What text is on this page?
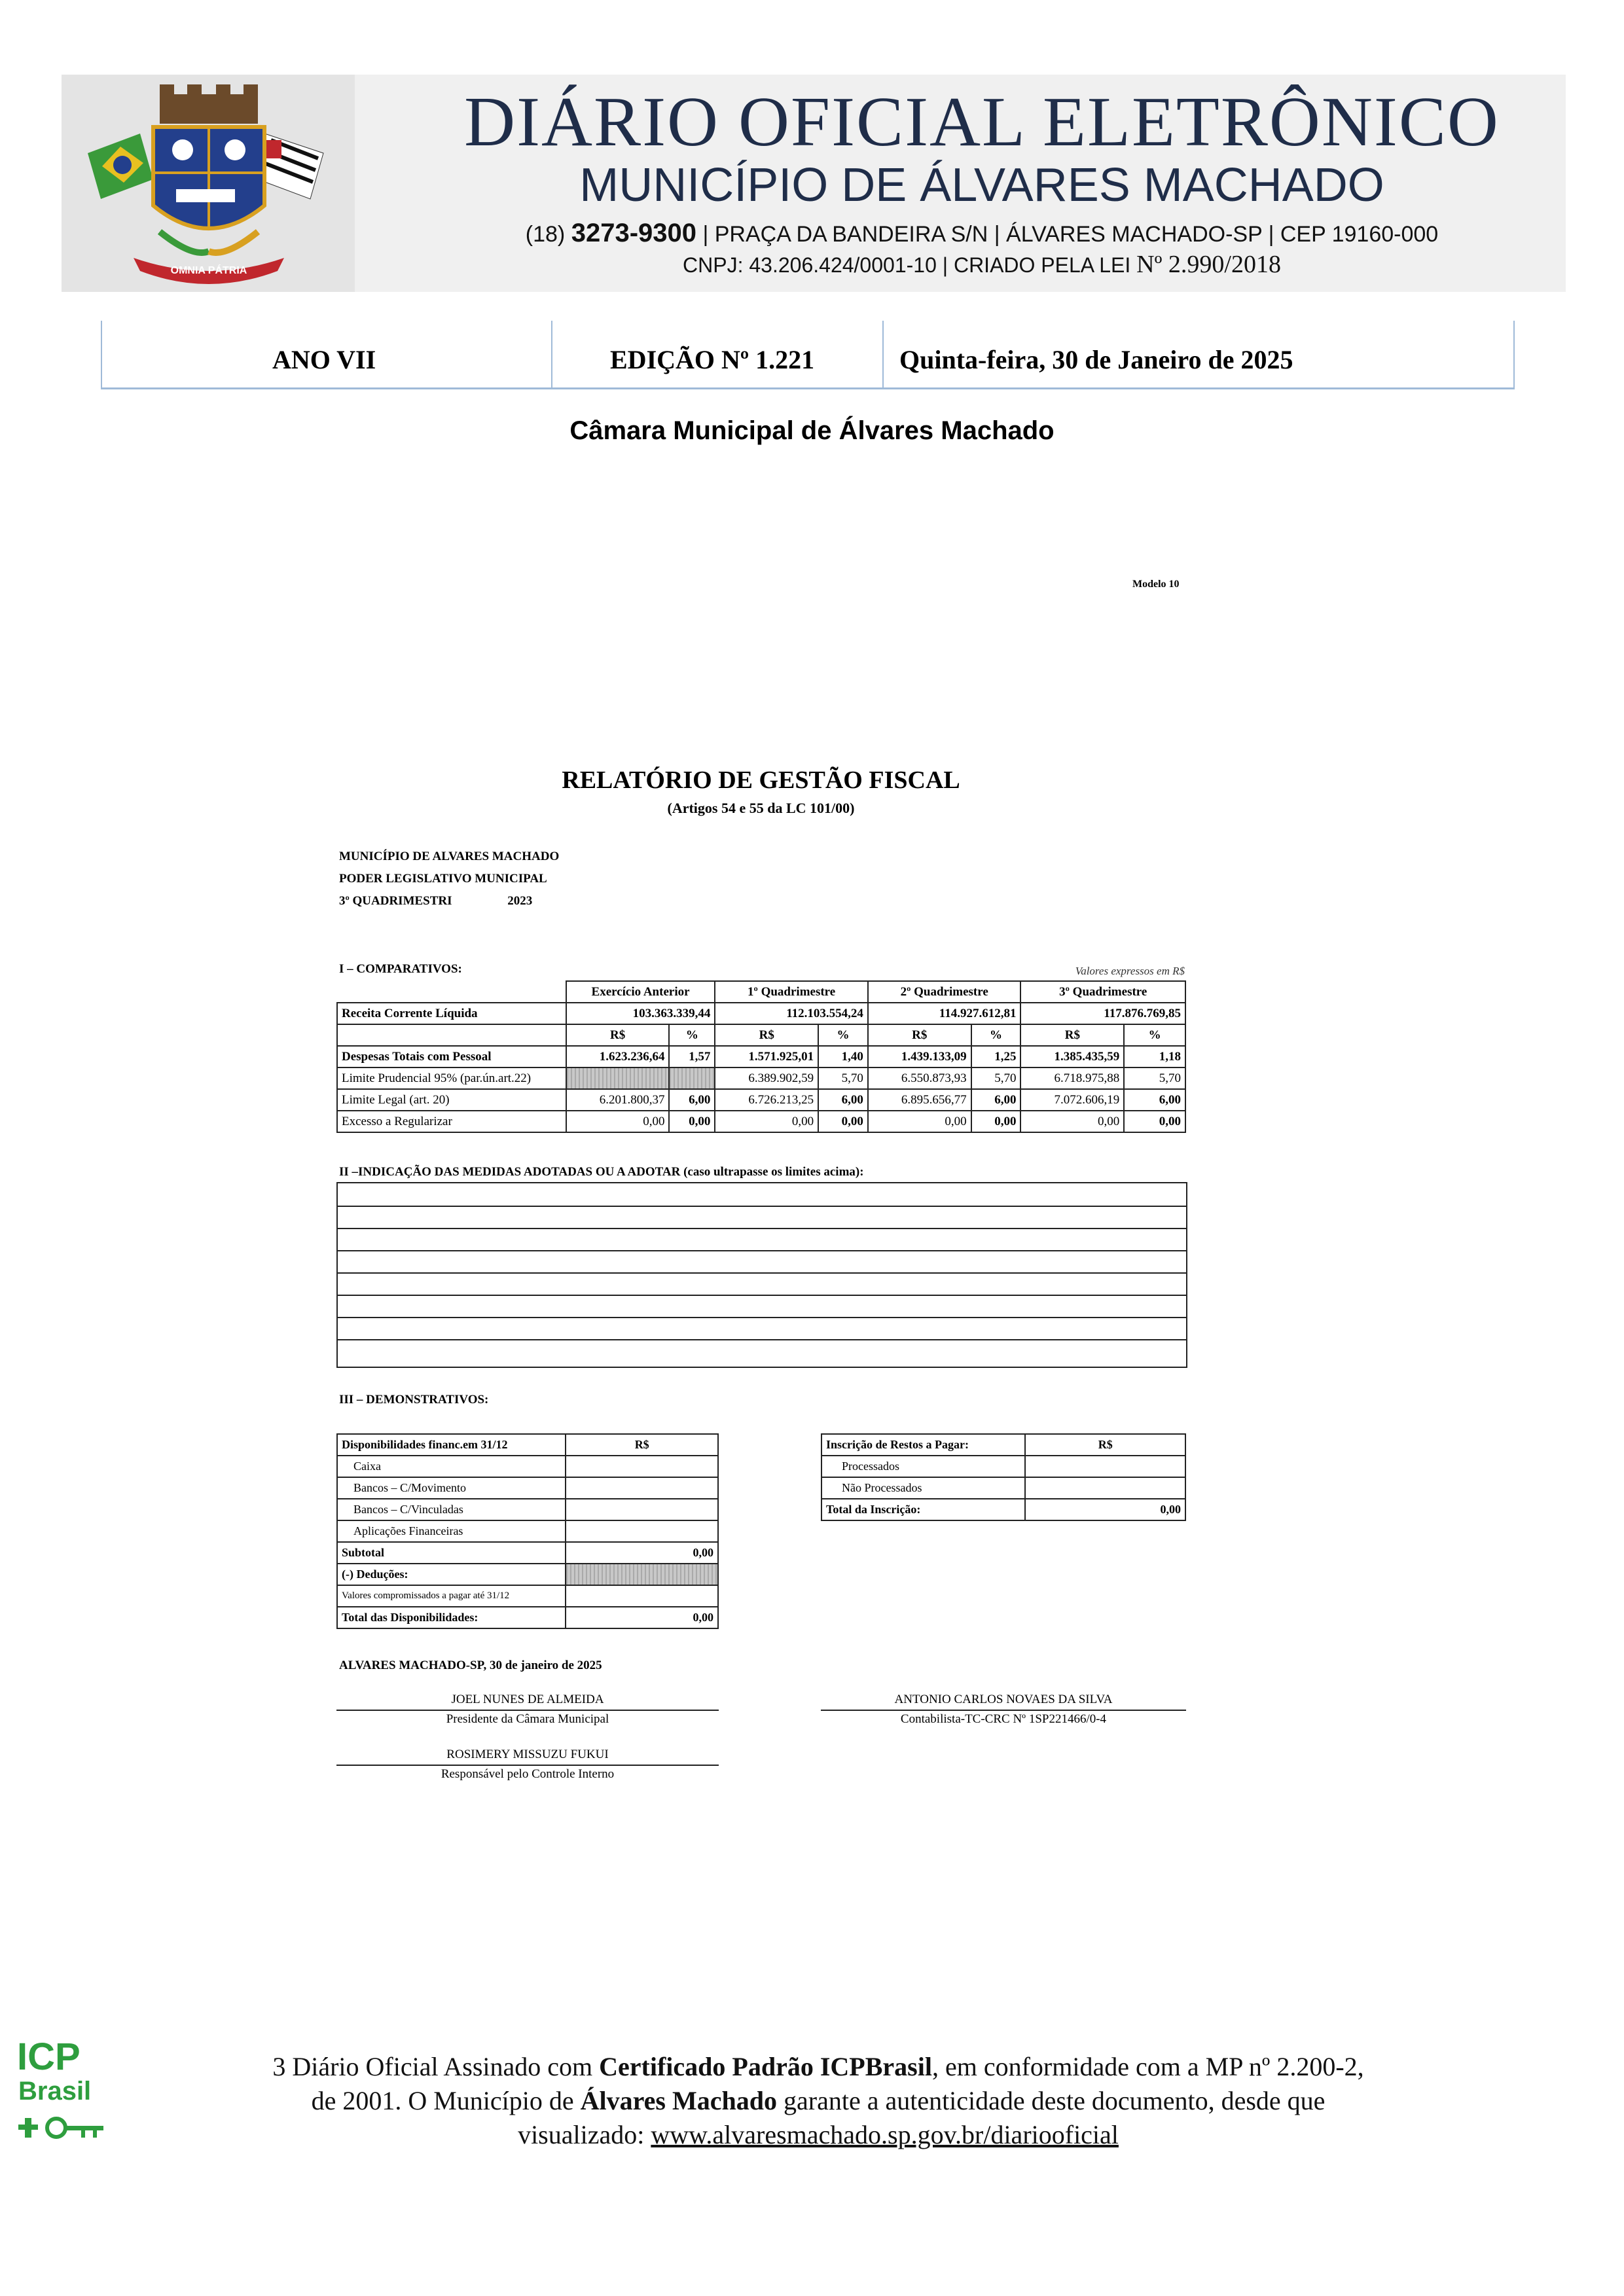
OMNIA PÁTRIA
DIÁRIO OFICIAL ELETRÔNICO
MUNICÍPIO DE ÁLVARES MACHADO
(18) 3273-9300 | PRAÇA DA BANDEIRA S/N | ÁLVARES MACHADO-SP | CEP 19160-000
CNPJ: 43.206.424/0001-10 | CRIADO PELA LEI Nº 2.990/2018
ANO VII	EDIÇÃO Nº 1.221	Quinta-feira, 30 de Janeiro de 2025
Câmara Municipal de Álvares Machado
Modelo 10
RELATÓRIO DE GESTÃO FISCAL
(Artigos 54 e 55 da LC 101/00)
MUNICÍPIO DE ALVARES MACHADO
PODER LEGISLATIVO MUNICIPAL
3º QUADRIMESTRI	2023
I – COMPARATIVOS:	Valores expressos em R$
	Exercício Anterior		1º Quadrimestre		2º Quadrimestre		3º Quadrimestre	
Receita Corrente Líquida	103.363.339,44		112.103.554,24		114.927.612,81		117.876.769,85	
	R$	%	R$	%	R$	%	R$	%
Despesas Totais com Pessoal	1.623.236,64	1,57	1.571.925,01	1,40	1.439.133,09	1,25	1.385.435,59	1,18
Limite Prudencial 95% (par.ún.art.22)			6.389.902,59	5,70	6.550.873,93	5,70	6.718.975,88	5,70
Limite Legal (art. 20)	6.201.800,37	6,00	6.726.213,25	6,00	6.895.656,77	6,00	7.072.606,19	6,00
Excesso a Regularizar	0,00	0,00	0,00	0,00	0,00	0,00	0,00	0,00
II –INDICAÇÃO DAS MEDIDAS ADOTADAS OU A ADOTAR (caso ultrapasse os limites acima):
III – DEMONSTRATIVOS:
Disponibilidades financ.em 31/12	R$
Caixa	
Bancos – C/Movimento	
Bancos – C/Vinculadas	
Aplicações Financeiras	
Subtotal	0,00
(-) Deduções:	
Valores compromissados a pagar até 31/12	
Total das Disponibilidades:	0,00
Inscrição de Restos a Pagar:	R$
Processados	
Não Processados	
Total da Inscrição:	0,00
ALVARES MACHADO-SP, 30 de janeiro de 2025
JOEL NUNES DE ALMEIDA
Presidente da Câmara Municipal
ANTONIO CARLOS NOVAES DA SILVA
Contabilista-TC-CRC Nº 1SP221466/0-4
ROSIMERY MISSUZU FUKUI
Responsável pelo Controle Interno
ICP
Brasil
3 Diário Oficial Assinado com Certificado Padrão ICPBrasil, em conformidade com a MP nº 2.200-2,
de 2001. O Município de Álvares Machado garante a autenticidade deste documento, desde que
visualizado: www.alvaresmachado.sp.gov.br/diariooficial
